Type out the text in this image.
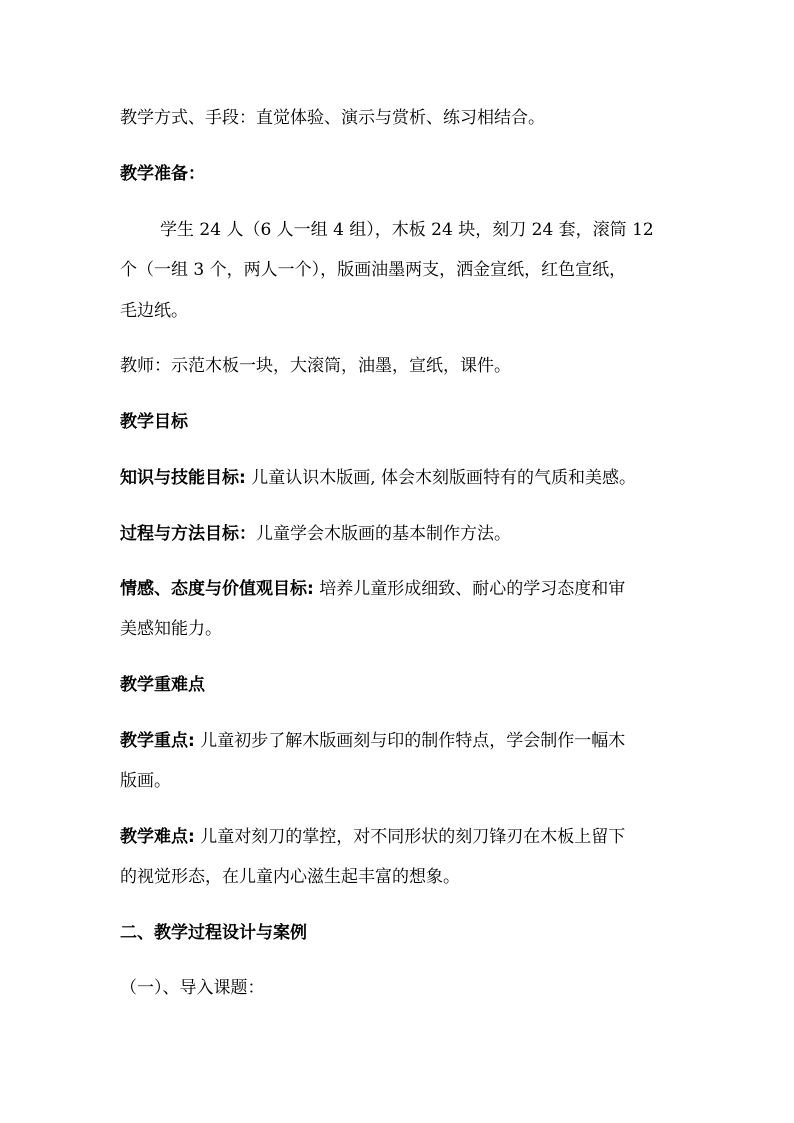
教学方式、手段：直觉体验、演示与赏析、练习相结合。
教学准备：
学生 24 人（6 人一组 4 组），木板 24 块，刻刀 24 套，滚筒 12
个（一组 3 个，两人一个），版画油墨两支，洒金宣纸，红色宣纸，
毛边纸。
教师：示范木板一块，大滚筒，油墨，宣纸，课件。
教学目标
知识与技能目标: 儿童认识木版画, 体会木刻版画特有的气质和美感。
过程与方法目标：儿童学会木版画的基本制作方法。
情感、态度与价值观目标: 培养儿童形成细致、耐心的学习态度和审
美感知能力。
教学重难点
教学重点: 儿童初步了解木版画刻与印的制作特点，学会制作一幅木
版画。
教学难点: 儿童对刻刀的掌控，对不同形状的刻刀锋刃在木板上留下
的视觉形态，在儿童内心滋生起丰富的想象。
二、教学过程设计与案例
（一）、导入课题：
